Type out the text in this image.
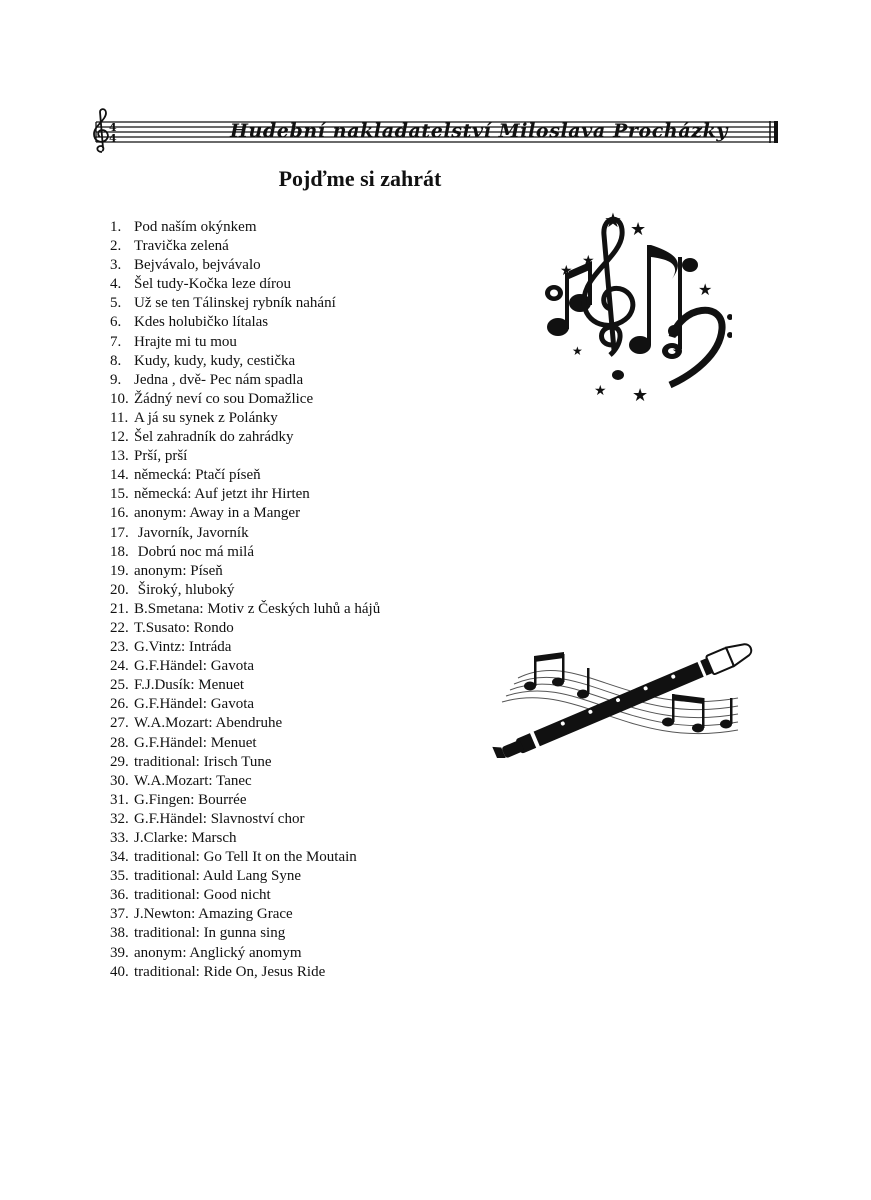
4
4	Hudební nakladatelství Miloslava Procházky
Pojďme si zahrát
1. Pod naším okýnkem
2. Travička zelená
3. Bejvávalo, bejvávalo
4. Šel tudy-Kočka leze dírou
5. Už se ten Tálinskej rybník nahání
6. Kdes holubičko lítalas
7. Hrajte mi tu mou
8. Kudy, kudy, kudy, cestička
9. Jedna , dvě- Pec nám spadla
10. Žádný neví co sou Domažlice
11. A já su synek z Polánky
12. Šel zahradník do zahrádky
13. Prší, prší
14. německá: Ptačí píseň
15. německá: Auf jetzt ihr Hirten
16. anonym: Away in a Manger
17. Javorník, Javorník
18. Dobrú noc má milá
19. anonym: Píseň
20. Široký, hluboký
21. B.Smetana: Motiv z Českých luhů a hájů
22. T.Susato: Rondo
23. G.Vintz: Intráda
24. G.F.Händel: Gavota
25. F.J.Dusík: Menuet
26. G.F.Händel: Gavota
27. W.A.Mozart: Abendruhe
28. G.F.Händel: Menuet
29. traditional: Irisch Tune
30. W.A.Mozart: Tanec
31. G.Fingen: Bourrée
32. G.F.Händel: Slavnoství chor
33. J.Clarke: Marsch
34. traditional: Go Tell It on the Moutain
35. traditional: Auld Lang Syne
36. traditional: Good nicht
37. J.Newton: Amazing Grace
38. traditional: In gunna sing
39. anonym: Anglický anomym
40. traditional: Ride On, Jesus Ride
★ ★
★
★
★
★
★
★ ★
